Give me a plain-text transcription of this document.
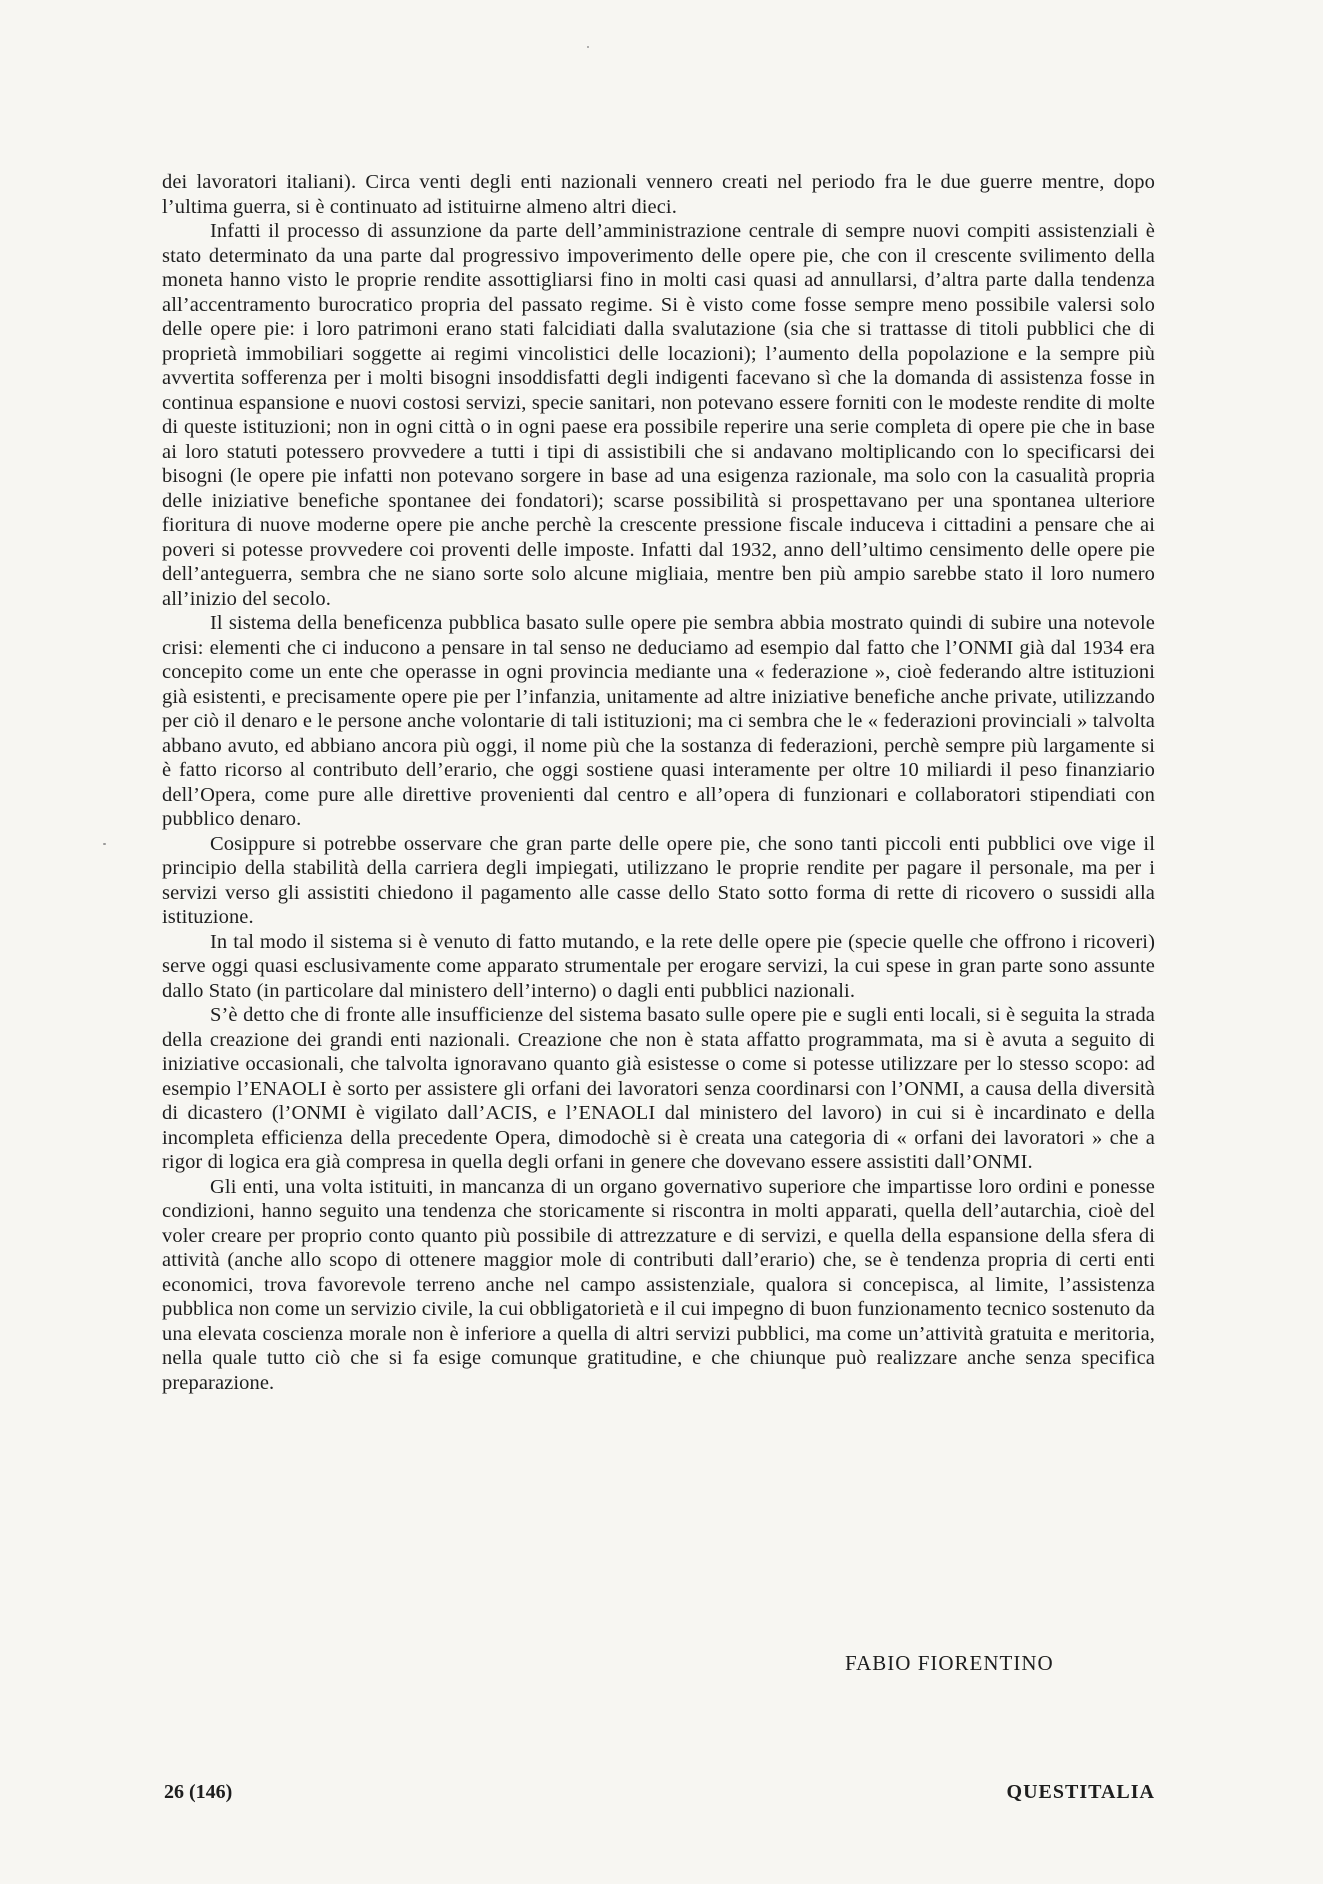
dei lavoratori italiani). Circa venti degli enti nazionali vennero creati nel periodo fra le due guerre mentre, dopo l’ultima guerra, si è continuato ad istituirne almeno altri dieci.

Infatti il processo di assunzione da parte dell’amministrazione centrale di sempre nuovi compiti assistenziali è stato determinato da una parte dal progressivo impoverimento delle opere pie, che con il crescente svilimento della moneta hanno visto le proprie rendite assottigliarsi fino in molti casi quasi ad annullarsi, d’altra parte dalla tendenza all’accentramento burocratico propria del passato regime. Si è visto come fosse sempre meno possibile valersi solo delle opere pie: i loro patrimoni erano stati falcidiati dalla svalutazione (sia che si trattasse di titoli pubblici che di proprietà immobiliari soggette ai regimi vincolistici delle locazioni); l’aumento della popolazione e la sempre più avvertita sofferenza per i molti bisogni insoddisfatti degli indigenti facevano sì che la domanda di assistenza fosse in continua espansione e nuovi costosi servizi, specie sanitari, non potevano essere forniti con le modeste rendite di molte di queste istituzioni; non in ogni città o in ogni paese era possibile reperire una serie completa di opere pie che in base ai loro statuti potessero provvedere a tutti i tipi di assistibili che si andavano moltiplicando con lo specificarsi dei bisogni (le opere pie infatti non potevano sorgere in base ad una esigenza razionale, ma solo con la casualità propria delle iniziative benefiche spontanee dei fondatori); scarse possibilità si prospettavano per una spontanea ulteriore fioritura di nuove moderne opere pie anche perchè la crescente pressione fiscale induceva i cittadini a pensare che ai poveri si potesse provvedere coi proventi delle imposte. Infatti dal 1932, anno dell’ultimo censimento delle opere pie dell’anteguerra, sembra che ne siano sorte solo alcune migliaia, mentre ben più ampio sarebbe stato il loro numero all’inizio del secolo.

Il sistema della beneficenza pubblica basato sulle opere pie sembra abbia mostrato quindi di subire una notevole crisi: elementi che ci inducono a pensare in tal senso ne deduciamo ad esempio dal fatto che l’ONMI già dal 1934 era concepito come un ente che operasse in ogni provincia mediante una « federazione », cioè federando altre istituzioni già esistenti, e precisamente opere pie per l’infanzia, unitamente ad altre iniziative benefiche anche private, utilizzando per ciò il denaro e le persone anche volontarie di tali istituzioni; ma ci sembra che le « federazioni provinciali » talvolta abbano avuto, ed abbiano ancora più oggi, il nome più che la sostanza di federazioni, perchè sempre più largamente si è fatto ricorso al contributo dell’erario, che oggi sostiene quasi interamente per oltre 10 miliardi il peso finanziario dell’Opera, come pure alle direttive provenienti dal centro e all’opera di funzionari e collaboratori stipendiati con pubblico denaro.

Cosippure si potrebbe osservare che gran parte delle opere pie, che sono tanti piccoli enti pubblici ove vige il principio della stabilità della carriera degli impiegati, utilizzano le proprie rendite per pagare il personale, ma per i servizi verso gli assistiti chiedono il pagamento alle casse dello Stato sotto forma di rette di ricovero o sussidi alla istituzione.

In tal modo il sistema si è venuto di fatto mutando, e la rete delle opere pie (specie quelle che offrono i ricoveri) serve oggi quasi esclusivamente come apparato strumentale per erogare servizi, la cui spese in gran parte sono assunte dallo Stato (in particolare dal ministero dell’interno) o dagli enti pubblici nazionali.

S’è detto che di fronte alle insufficienze del sistema basato sulle opere pie e sugli enti locali, si è seguita la strada della creazione dei grandi enti nazionali. Creazione che non è stata affatto programmata, ma si è avuta a seguito di iniziative occasionali, che talvolta ignoravano quanto già esistesse o come si potesse utilizzare per lo stesso scopo: ad esempio l’ENAOLI è sorto per assistere gli orfani dei lavoratori senza coordinarsi con l’ONMI, a causa della diversità di dicastero (l’ONMI è vigilato dall’ACIS, e l’ENAOLI dal ministero del lavoro) in cui si è incardinato e della incompleta efficienza della precedente Opera, dimodochè si è creata una categoria di « orfani dei lavoratori » che a rigor di logica era già compresa in quella degli orfani in genere che dovevano essere assistiti dall’ONMI.

Gli enti, una volta istituiti, in mancanza di un organo governativo superiore che impartisse loro ordini e ponesse condizioni, hanno seguito una tendenza che storicamente si riscontra in molti apparati, quella dell’autarchia, cioè del voler creare per proprio conto quanto più possibile di attrezzature e di servizi, e quella della espansione della sfera di attività (anche allo scopo di ottenere maggior mole di contributi dall’erario) che, se è tendenza propria di certi enti economici, trova favorevole terreno anche nel campo assistenziale, qualora si concepisca, al limite, l’assistenza pubblica non come un servizio civile, la cui obbligatorietà e il cui impegno di buon funzionamento tecnico sostenuto da una elevata coscienza morale non è inferiore a quella di altri servizi pubblici, ma come un’attività gratuita e meritoria, nella quale tutto ciò che si fa esige comunque gratitudine, e che chiunque può realizzare anche senza specifica preparazione.

FABIO FIORENTINO
26 (146)	QUESTITALIA
